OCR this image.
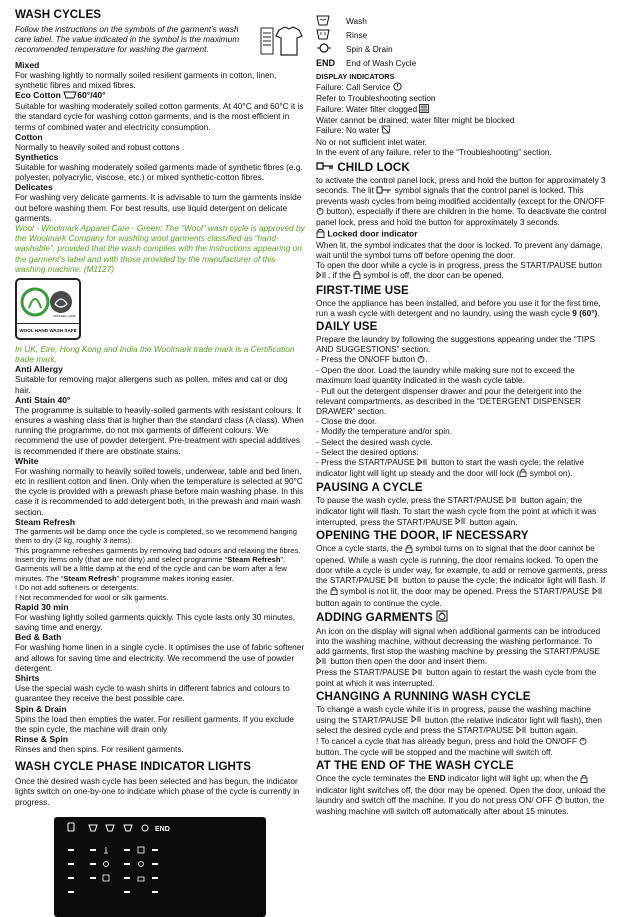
WASH CYCLES

Follow the instructions on the symbols of the garment’s wash care label. The value indicated in the symbol is the maximum recommended temperature for washing the garment.

Mixed

For washing lightly to normally soiled resilient garments in cotton, linen, synthetic fibres and mixed fibres.

Eco Cotton 60°/40°

Suitable for washing moderately soiled cotton garments. At 40°C and 60°C it is the standard cycle for washing cotton garments, and is the most efficient in terms of combined water and electricity consumption.

Cotton

Normally to heavily soiled and robust cottons .

Synthetics

Suitable for washing moderately soiled garments made of synthetic fibres (e.g. polyester, polyacrylic, viscose, etc.) or mixed synthetic-cotton fibres.

Delicates

For washing very delicate garments. It is advisable to turn the garments inside out before washing them. For best results, use liquid detergent on delicate garments.

Wool - Woolmark Apparel Care - Green: The “Wool” wash cycle is approved by the Woolmark Company for washing wool garments classified as “hand-washable”, provided that the wash complies with the instructions appearing on the garment’s label and with those provided by the manufacturer of this washing machine. (M1127)

APPAREL CARE
WOOL HAND WASH SAFE

In UK, Eire, Hong Kong and India the Woolmark trade mark is a Certification trade mark.

Anti Allergy

Suitable for removing major allergens such as pollen, mites and cat or dog hair.

Anti Stain 40°

The programme is suitable to heavily-soiled garments with resistant colours. It ensures a washing class that is higher than the standard class (A class). When running the programme, do not mix garments of different colours. We recommend the use of powder detergent. Pre-treatment with special additives is recommended if there are obstinate stains.

White

For washing normally to heavily soiled towels, underwear, table and bed linen, etc in resilient cotton and linen. Only when the temperature is selected at 90°C the cycle is provided with a prewash phase before main washing phase. In this case it is recommended to add detergent both, in the prewash and main wash section.

Steam Refresh

The garments will be damp once the cycle is completed, so we recommend hanging them to dry (2 kg, roughly 3 items).

This programme refreshes garments by removing bad odours and relaxing the fibres. Insert dry items only (that are not dirty) and select programme “Steam Refresh”. Garments will be a little damp at the end of the cycle and can be worn after a few minutes. The “Steam Refresh” programme makes ironing easier.

! Do not add softeners or detergents.

! Not recommended for wool or silk garments.

Rapid 30 min

For washing lightly soiled garments quickly. This cycle lasts only 30 minutes, saving time and energy.

Bed & Bath

For washing home linen in a single cycle. It optimises the use of fabric softener and allows for saving time and electricity. We recommend the use of powder detergent.

Shirts

Use the special wash cycle to wash shirts in different fabrics and colours to guarantee they receive the best possible care.

Spin & Drain

Spins the load then empties the water. For resilient garments. If you exclude the spin cycle, the machine will drain only

Rinse & Spin

Rinses and then spins. For resilient garments.

WASH CYCLE PHASE INDICATOR LIGHTS

Once the desired wash cycle has been selected and has begun, the indicator lights switch on one-by-one to indicate which phase of the cycle is currently in progress.

END
Wash
Rinse
Spin & Drain
END	End of Wash Cycle

DISPLAY INDICATORS

Failure: Call Service

Refer to Troubleshooting section

Failure: Water filter clogged

Water cannot be drained; water filter might be blocked

Failure: No water

No or not sufficient inlet water.

In the event of any failure, refer to the “Troubleshooting” section.

CHILD LOCK

to activate the control panel lock, press and hold the button for approximately 3 seconds. The lit symbol signals that the control panel is locked. This prevents wash cycles from being modified accidentally (except for the ON/OFF  button), especially if there are children in the home. To deactivate the control panel lock, press and hold the button for approximately 3 seconds.

Locked door indicator

When lit, the symbol indicates that the door is locked. To prevent any damage, wait until the symbol turns off before opening the door.

To open the door while a cycle is in progress, press the START/PAUSE button; if the symbol is off, the door can be opened.

FIRST-TIME USE

Once the appliance has been installed, and before you use it for the first time, run a wash cycle with detergent and no laundry, using the wash cycle 9 (60°).

DAILY USE

Prepare the laundry by following the suggestions appearing under the “TIPS AND SUGGESTIONS” section.

- Press the ON/OFF button .

- Open the door. Load the laundry while making sure not to exceed the maximum load quantity indicated in the wash cycle table.

- Pull out the detergent dispenser drawer and pour the detergent into the relevant compartments, as described in the “DETERGENT DISPENSER DRAWER” section.

- Close the door.

- Modify the temperature and/or spin.

- Select the desired wash cycle.

- Select the desired options.

- Press the START/PAUSE button to start the wash cycle; the relative indicator light will light up steady and the door will lock ( symbol on).

PAUSING A CYCLE

To pause the wash cycle, press the START/PAUSE button again; the indicator light will flash. To start the wash cycle from the point at which it was interrupted, press the START/PAUSE button again.

OPENING THE DOOR, IF NECESSARY

Once a cycle starts, the symbol turns on to signal that the door cannot be opened. While a wash cycle is running, the door remains locked. To open the door while a cycle is under way, for example, to add or remove garments, press the START/PAUSE button to pause the cycle; the indicator light will flash. If the symbol is not lit, the door may be opened. Press the START/PAUSE  button again to continue the cycle.

ADDING GARMENTS

An icon on the display will signal when additional garments can be introduced into the washing machine, without decreasing the washing performance. To add garments, first stop the washing machine by pressing the START/PAUSE  button then open the door and insert them.

Press the START/PAUSE button again to restart the wash cycle from the point at which it was interrupted.

CHANGING A RUNNING WASH CYCLE

To change a wash cycle while it is in progress, pause the washing machine using the START/PAUSE button (the relative indicator light will flash), then select the desired cycle and press the START/PAUSE button again.

! To cancel a cycle that has already begun, press and hold the ON/OFF  button. The cycle will be stopped and the machine will switch off.

AT THE END OF THE WASH CYCLE

Once the cycle terminates the END indicator light will light up; when the  indicator light switches off, the door may be opened. Open the door, unload the laundry and switch off the machine. If you do not press ON/ OFF button, the washing machine will switch off automatically after about 15 minutes.
